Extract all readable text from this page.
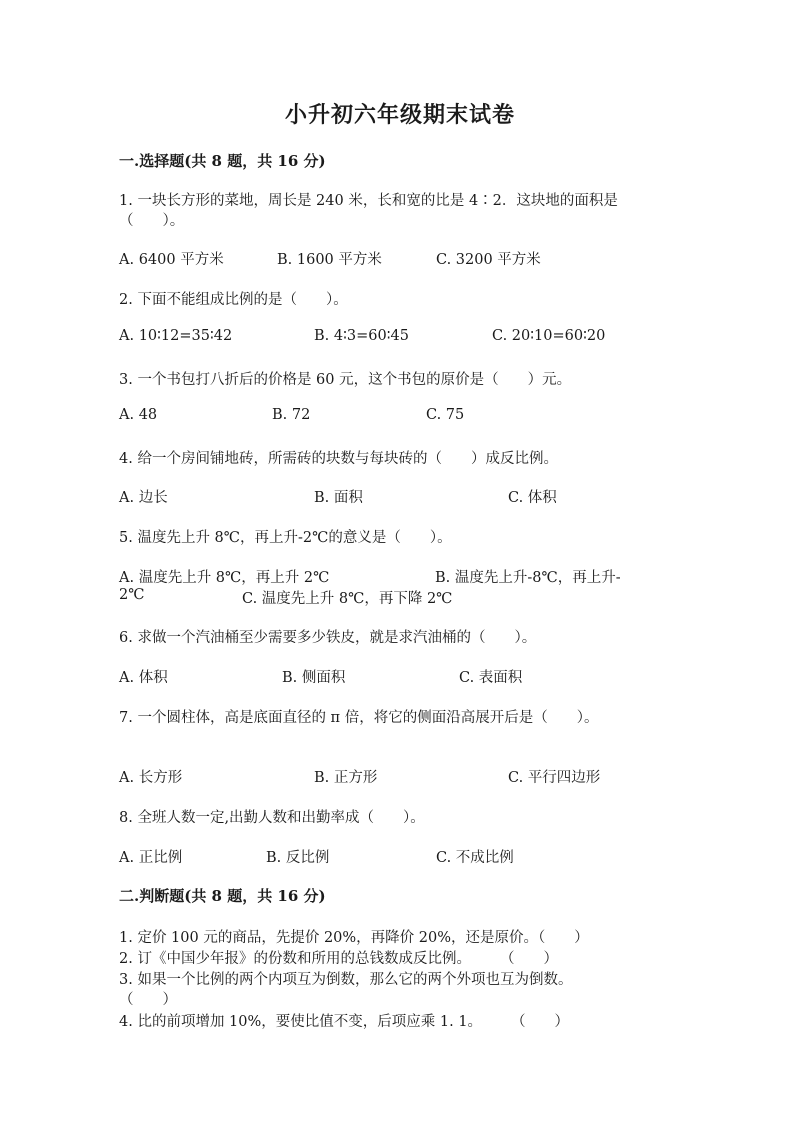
小升初六年级期末试卷
一.选择题(共 8 题，共 16 分)
1. 一块长方形的菜地，周长是 240 米，长和宽的比是 4∶2．这块地的面积是
（　　）。
A. 6400 平方米	B. 1600 平方米	C. 3200 平方米
2. 下面不能组成比例的是（　　）。
A. 10∶12=35∶42	B. 4∶3=60∶45	C. 20∶10=60∶20
3. 一个书包打八折后的价格是 60 元，这个书包的原价是（　　）元。
A. 48	B. 72	C. 75
4. 给一个房间铺地砖，所需砖的块数与每块砖的（　　）成反比例。
A. 边长	B. 面积	C. 体积
5. 温度先上升 8℃，再上升-2℃的意义是（　　）。
A. 温度先上升 8℃，再上升 2℃	B. 温度先上升-8℃，再上升-
2℃	C. 温度先上升 8℃，再下降 2℃
6. 求做一个汽油桶至少需要多少铁皮，就是求汽油桶的（　　）。
A. 体积	B. 侧面积	C. 表面积
7. 一个圆柱体，高是底面直径的 π 倍，将它的侧面沿高展开后是（　　）。
A. 长方形	B. 正方形	C. 平行四边形
8. 全班人数一定,出勤人数和出勤率成（　　）。
A. 正比例	B. 反比例	C. 不成比例
二.判断题(共 8 题，共 16 分)
1. 定价 100 元的商品，先提价 20%，再降价 20%，还是原价。（　　）
2. 订《中国少年报》的份数和所用的总钱数成反比例。　　　（　　）
3. 如果一个比例的两个内项互为倒数，那么它的两个外项也互为倒数。
（　　）
4. 比的前项增加 10%，要使比值不变，后项应乘 1. 1。　　　（　　）
